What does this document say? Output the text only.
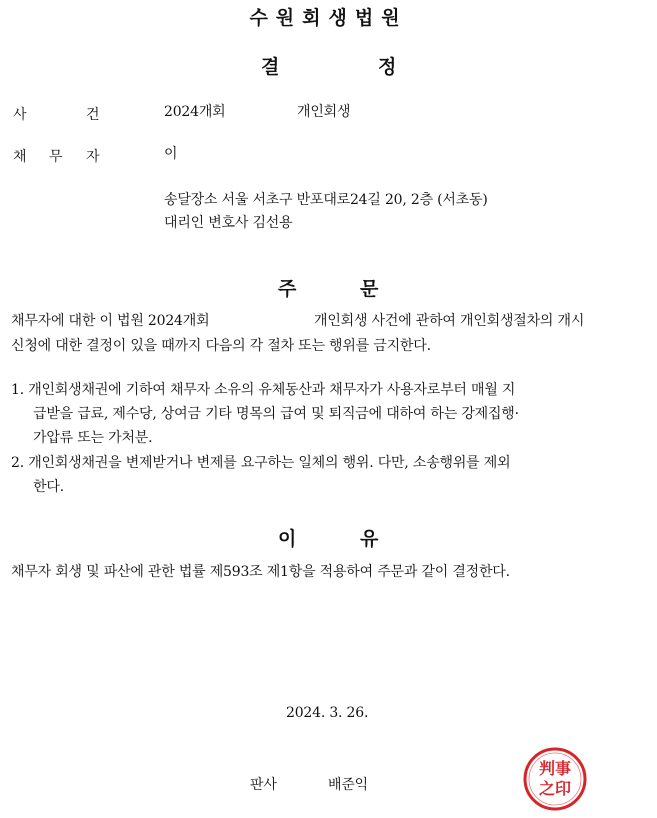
수원회생법원
결	정
사	건	2024개회	개인회생
채 무 자	이
송달장소 서울 서초구 반포대로24길 20, 2층 (서초동)
대리인 변호사 김선용
주	문
채무자에 대한 이 법원 2024개회	개인회생 사건에 관하여 개인회생절차의 개시
신청에 대한 결정이 있을 때까지 다음의 각 절차 또는 행위를 금지한다.
1. 개인회생채권에 기하여 채무자 소유의 유체동산과 채무자가 사용자로부터 매월 지
급받을 급료, 제수당, 상여금 기타 명목의 급여 및 퇴직금에 대하여 하는 강제집행·
가압류 또는 가처분.
2. 개인회생채권을 변제받거나 변제를 요구하는 일체의 행위. 다만, 소송행위를 제외
한다.
이	유
채무자 회생 및 파산에 관한 법률 제593조 제1항을 적용하여 주문과 같이 결정한다.
2024. 3. 26.
판사	배준익
判事
之印
